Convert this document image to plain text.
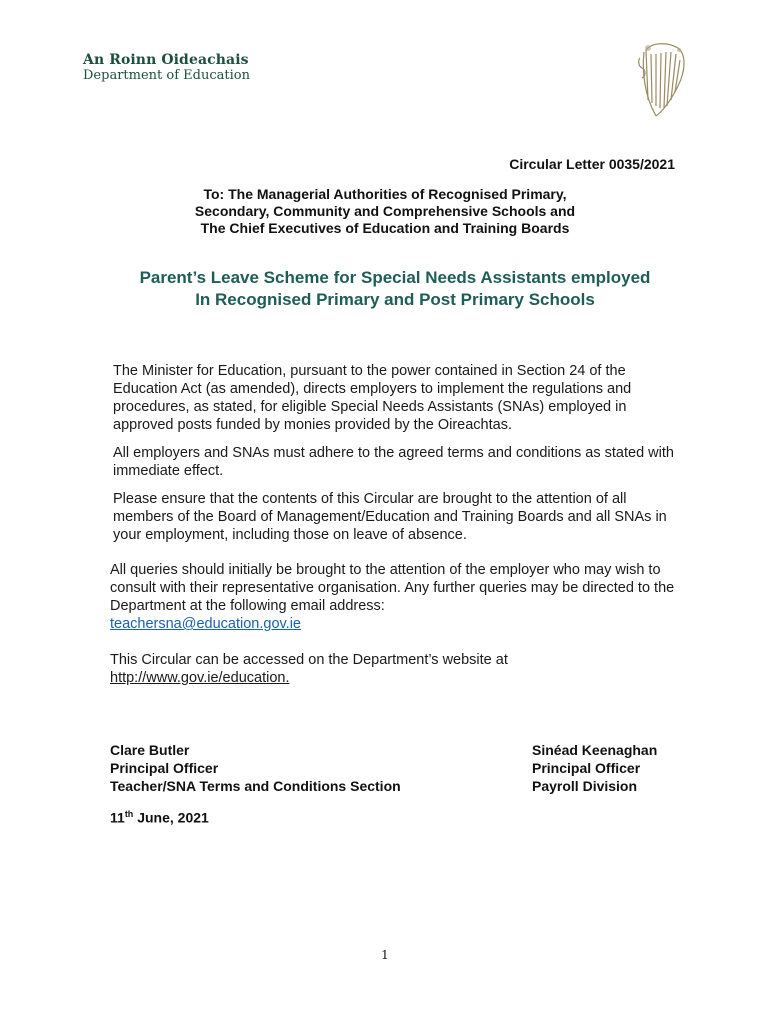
An Roinn Oideachais
Department of Education
Circular Letter 0035/2021
To: The Managerial Authorities of Recognised Primary,
Secondary, Community and Comprehensive Schools and
The Chief Executives of Education and Training Boards
Parent’s Leave Scheme for Special Needs Assistants employed
In Recognised Primary and Post Primary Schools
The Minister for Education, pursuant to the power contained in Section 24 of the Education Act (as amended), directs employers to implement the regulations and procedures, as stated, for eligible Special Needs Assistants (SNAs) employed in approved posts funded by monies provided by the Oireachtas.
All employers and SNAs must adhere to the agreed terms and conditions as stated with immediate effect.
Please ensure that the contents of this Circular are brought to the attention of all members of the Board of Management/Education and Training Boards and all SNAs in your employment, including those on leave of absence.
All queries should initially be brought to the attention of the employer who may wish to consult with their representative organisation. Any further queries may be directed to the Department at the following email address:
teachersna@education.gov.ie
This Circular can be accessed on the Department’s website at
http://www.gov.ie/education.
Clare Butler
Principal Officer
Teacher/SNA Terms and Conditions Section
Sinéad Keenaghan
Principal Officer
Payroll Division
11th June, 2021
1
